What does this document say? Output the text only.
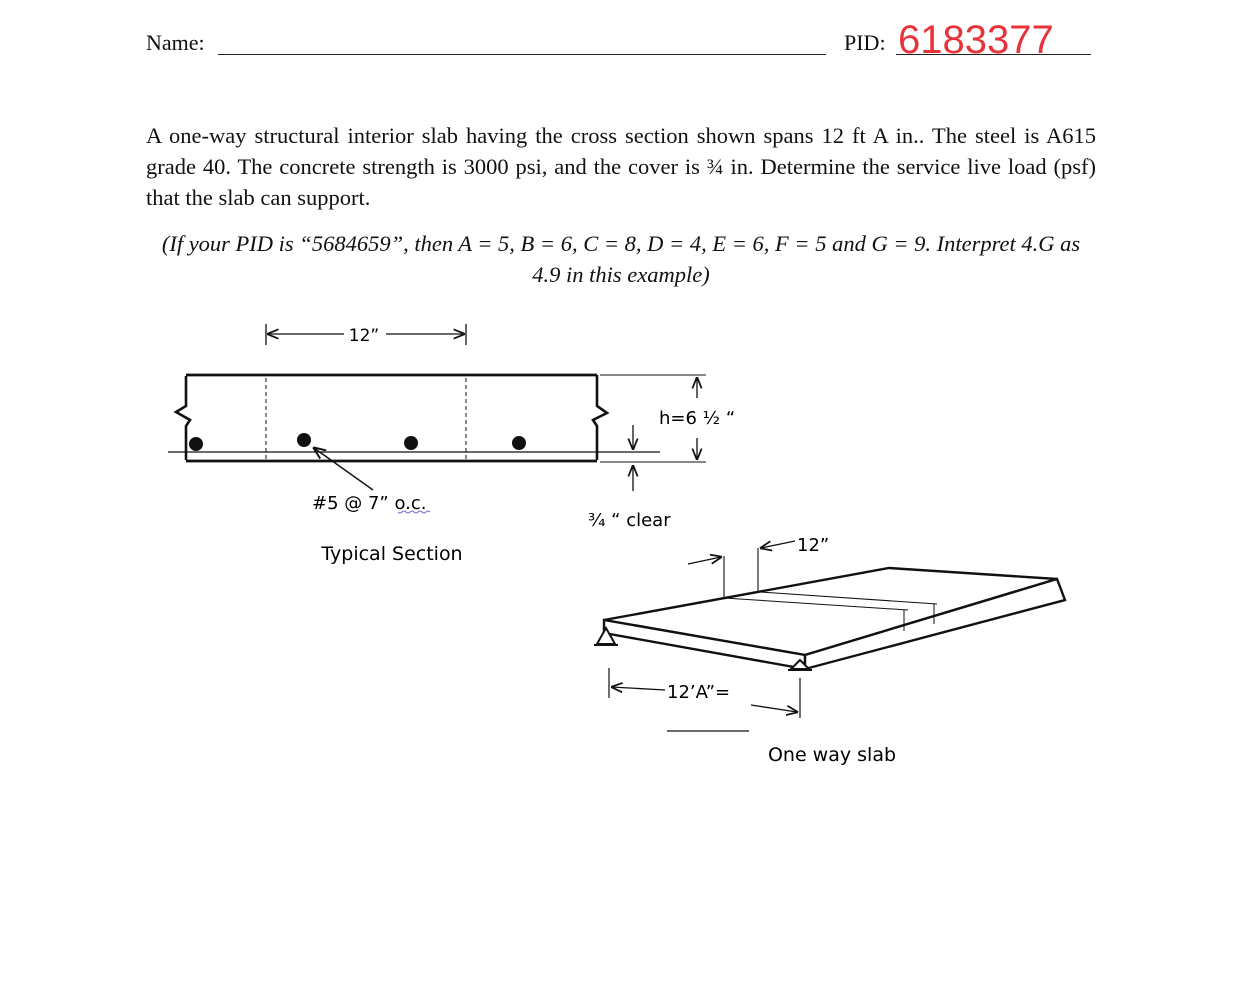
Name:	PID: 6183377
A one-way structural interior slab having the cross section shown spans 12 ft A in.. The steel is A615 grade 40. The concrete strength is 3000 psi, and the cover is ¾ in. Determine the service live load (psf) that the slab can support.
(If your PID is “5684659”, then A = 5, B = 6, C = 8, D = 4, E = 6, F = 5 and G = 9. Interpret 4.G as 4.9 in this example)
12”
#5 @ 7” o.c.
h=6 ½ “
¾ “ clear
Typical Section	12”
12’A”=
One way slab
